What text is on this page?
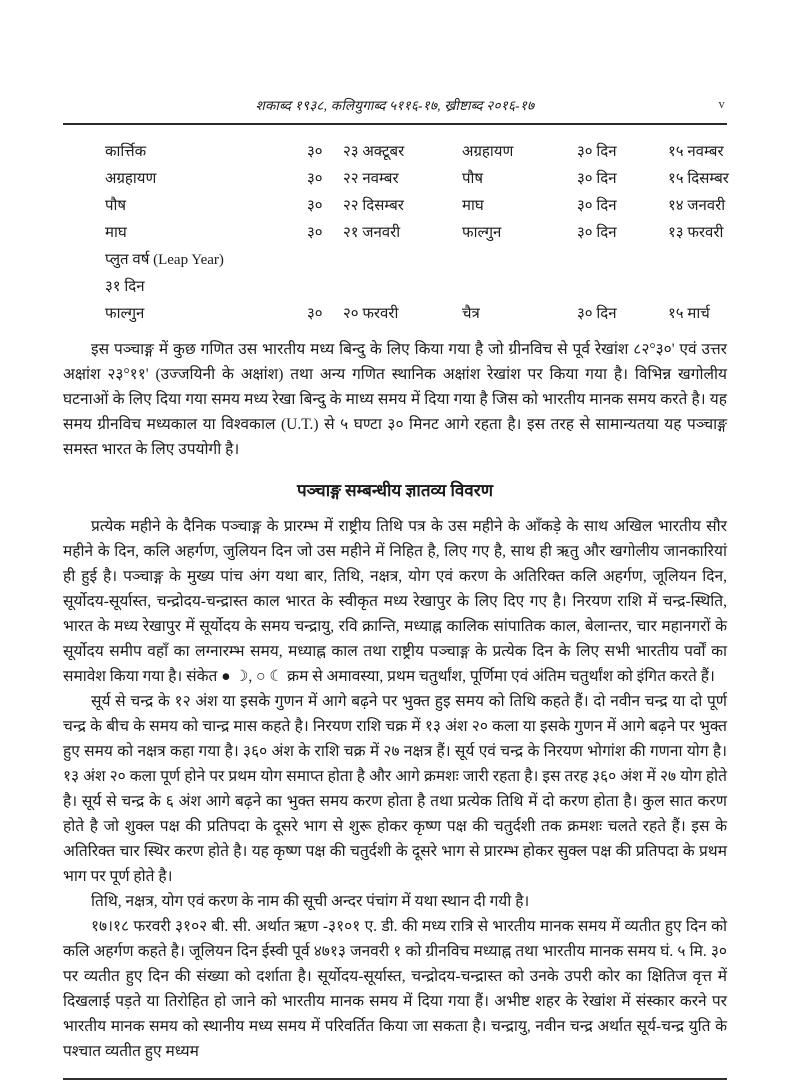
शकाब्द १९३८, कलियुगाब्द ५११६-१७, ख्रीष्टाब्द २०१६-१७	v
कार्त्तिक	३०	२३ अक्टूबर	अग्रहायण	३० दिन	१५ नवम्बर
अग्रहायण	३०	२२ नवम्बर	पौष	३० दिन	१५ दिसम्बर
पौष	३०	२२ दिसम्बर	माघ	३० दिन	१४ जनवरी
माघ	३०	२१ जनवरी	फाल्गुन	३० दिन	१३ फरवरी
प्लुत वर्ष (Leap Year)					
३१ दिन					
फाल्गुन	३०	२० फरवरी	चैत्र	३० दिन	१५ मार्च

इस पञ्चाङ्ग में कुछ गणित उस भारतीय मध्य बिन्दु के लिए किया गया है जो ग्रीनविच से पूर्व रेखांश ८२°३०' एवं उत्तर अक्षांश २३°११' (उज्जयिनी के अक्षांश) तथा अन्य गणित स्थानिक अक्षांश रेखांश पर किया गया है। विभिन्न खगोलीय घटनाओं के लिए दिया गया समय मध्य रेखा बिन्दु के माध्य समय में दिया गया है जिस को भारतीय मानक समय करते है। यह समय ग्रीनविच मध्यकाल या विश्वकाल (U.T.) से ५ घण्टा ३० मिनट आगे रहता है। इस तरह से सामान्यतया यह पञ्चाङ्ग समस्त भारत के लिए उपयोगी है।

पञ्चाङ्ग सम्बन्धीय ज्ञातव्य विवरण

प्रत्येक महीने के दैनिक पञ्चाङ्ग के प्रारम्भ में राष्ट्रीय तिथि पत्र के उस महीने के आँकड़े के साथ अखिल भारतीय सौर महीने के दिन, कलि अहर्गण, जुलियन दिन जो उस महीने में निहित है, लिए गए है, साथ ही ऋतु और खगोलीय जानकारियां ही हुई है। पञ्चाङ्ग के मुख्य पांच अंग यथा बार, तिथि, नक्षत्र, योग एवं करण के अतिरिक्त कलि अहर्गण, जूलियन दिन, सूर्योदय-सूर्यास्त, चन्द्रोदय-चन्द्रास्त काल भारत के स्वीकृत मध्य रेखापुर के लिए दिए गए है। निरयण राशि में चन्द्र-स्थिति, भारत के मध्य रेखापुर में सूर्योदय के समय चन्द्रायु, रवि क्रान्ति, मध्याह्न कालिक सांपातिक काल, बेलान्तर, चार महानगरों के सूर्योदय समीप वहाँ का लग्नारम्भ समय, मध्याह्न काल तथा राष्ट्रीय पञ्चाङ्ग के प्रत्येक दिन के लिए सभी भारतीय पर्वों का समावेश किया गया है। संकेत ● ☽, ○ ☾ क्रम से अमावस्या, प्रथम चतुर्थांश, पूर्णिमा एवं अंतिम चतुर्थांश को इंगित करते हैं।

सूर्य से चन्द्र के १२ अंश या इसके गुणन में आगे बढ़ने पर भुक्त हुइ समय को तिथि कहते हैं। दो नवीन चन्द्र या दो पूर्ण चन्द्र के बीच के समय को चान्द्र मास कहते है। निरयण राशि चक्र में १३ अंश २० कला या इसके गुणन में आगे बढ़ने पर भुक्त हुए समय को नक्षत्र कहा गया है। ३६० अंश के राशि चक्र में २७ नक्षत्र हैं। सूर्य एवं चन्द्र के निरयण भोगांश की गणना योग है। १३ अंश २० कला पूर्ण होने पर प्रथम योग समाप्त होता है और आगे क्रमशः जारी रहता है। इस तरह ३६० अंश में २७ योग होते है। सूर्य से चन्द्र के ६ अंश आगे बढ़ने का भुक्त समय करण होता है तथा प्रत्येक तिथि में दो करण होता है। कुल सात करण होते है जो शुक्ल पक्ष की प्रतिपदा के दूसरे भाग से शुरू होकर कृष्ण पक्ष की चतुर्दशी तक क्रमशः चलते रहते हैं। इस के अतिरिक्त चार स्थिर करण होते है। यह कृष्ण पक्ष की चतुर्दशी के दूसरे भाग से प्रारम्भ होकर सुक्ल पक्ष की प्रतिपदा के प्रथम भाग पर पूर्ण होते है।

तिथि, नक्षत्र, योग एवं करण के नाम की सूची अन्दर पंचांग में यथा स्थान दी गयी है।

१७।१८ फरवरी ३१०२ बी. सी. अर्थात ऋण -३१०१ ए. डी. की मध्य रात्रि से भारतीय मानक समय में व्यतीत हुए दिन को कलि अहर्गण कहते है। जूलियन दिन ईस्वी पूर्व ४७१३ जनवरी १ को ग्रीनविच मध्याह्न तथा भारतीय मानक समय घं. ५ मि. ३० पर व्यतीत हुए दिन की संख्या को दर्शाता है। सूर्योदय-सूर्यास्त, चन्द्रोदय-चन्द्रास्त को उनके उपरी कोर का क्षितिज वृत्त में दिखलाई पड़ते या तिरोहित हो जाने को भारतीय मानक समय में दिया गया हैं। अभीष्ट शहर के रेखांश में संस्कार करने पर भारतीय मानक समय को स्थानीय मध्य समय में परिवर्तित किया जा सकता है। चन्द्रायु, नवीन चन्द्र अर्थात सूर्य-चन्द्र युति के पश्चात व्यतीत हुए मध्यम
